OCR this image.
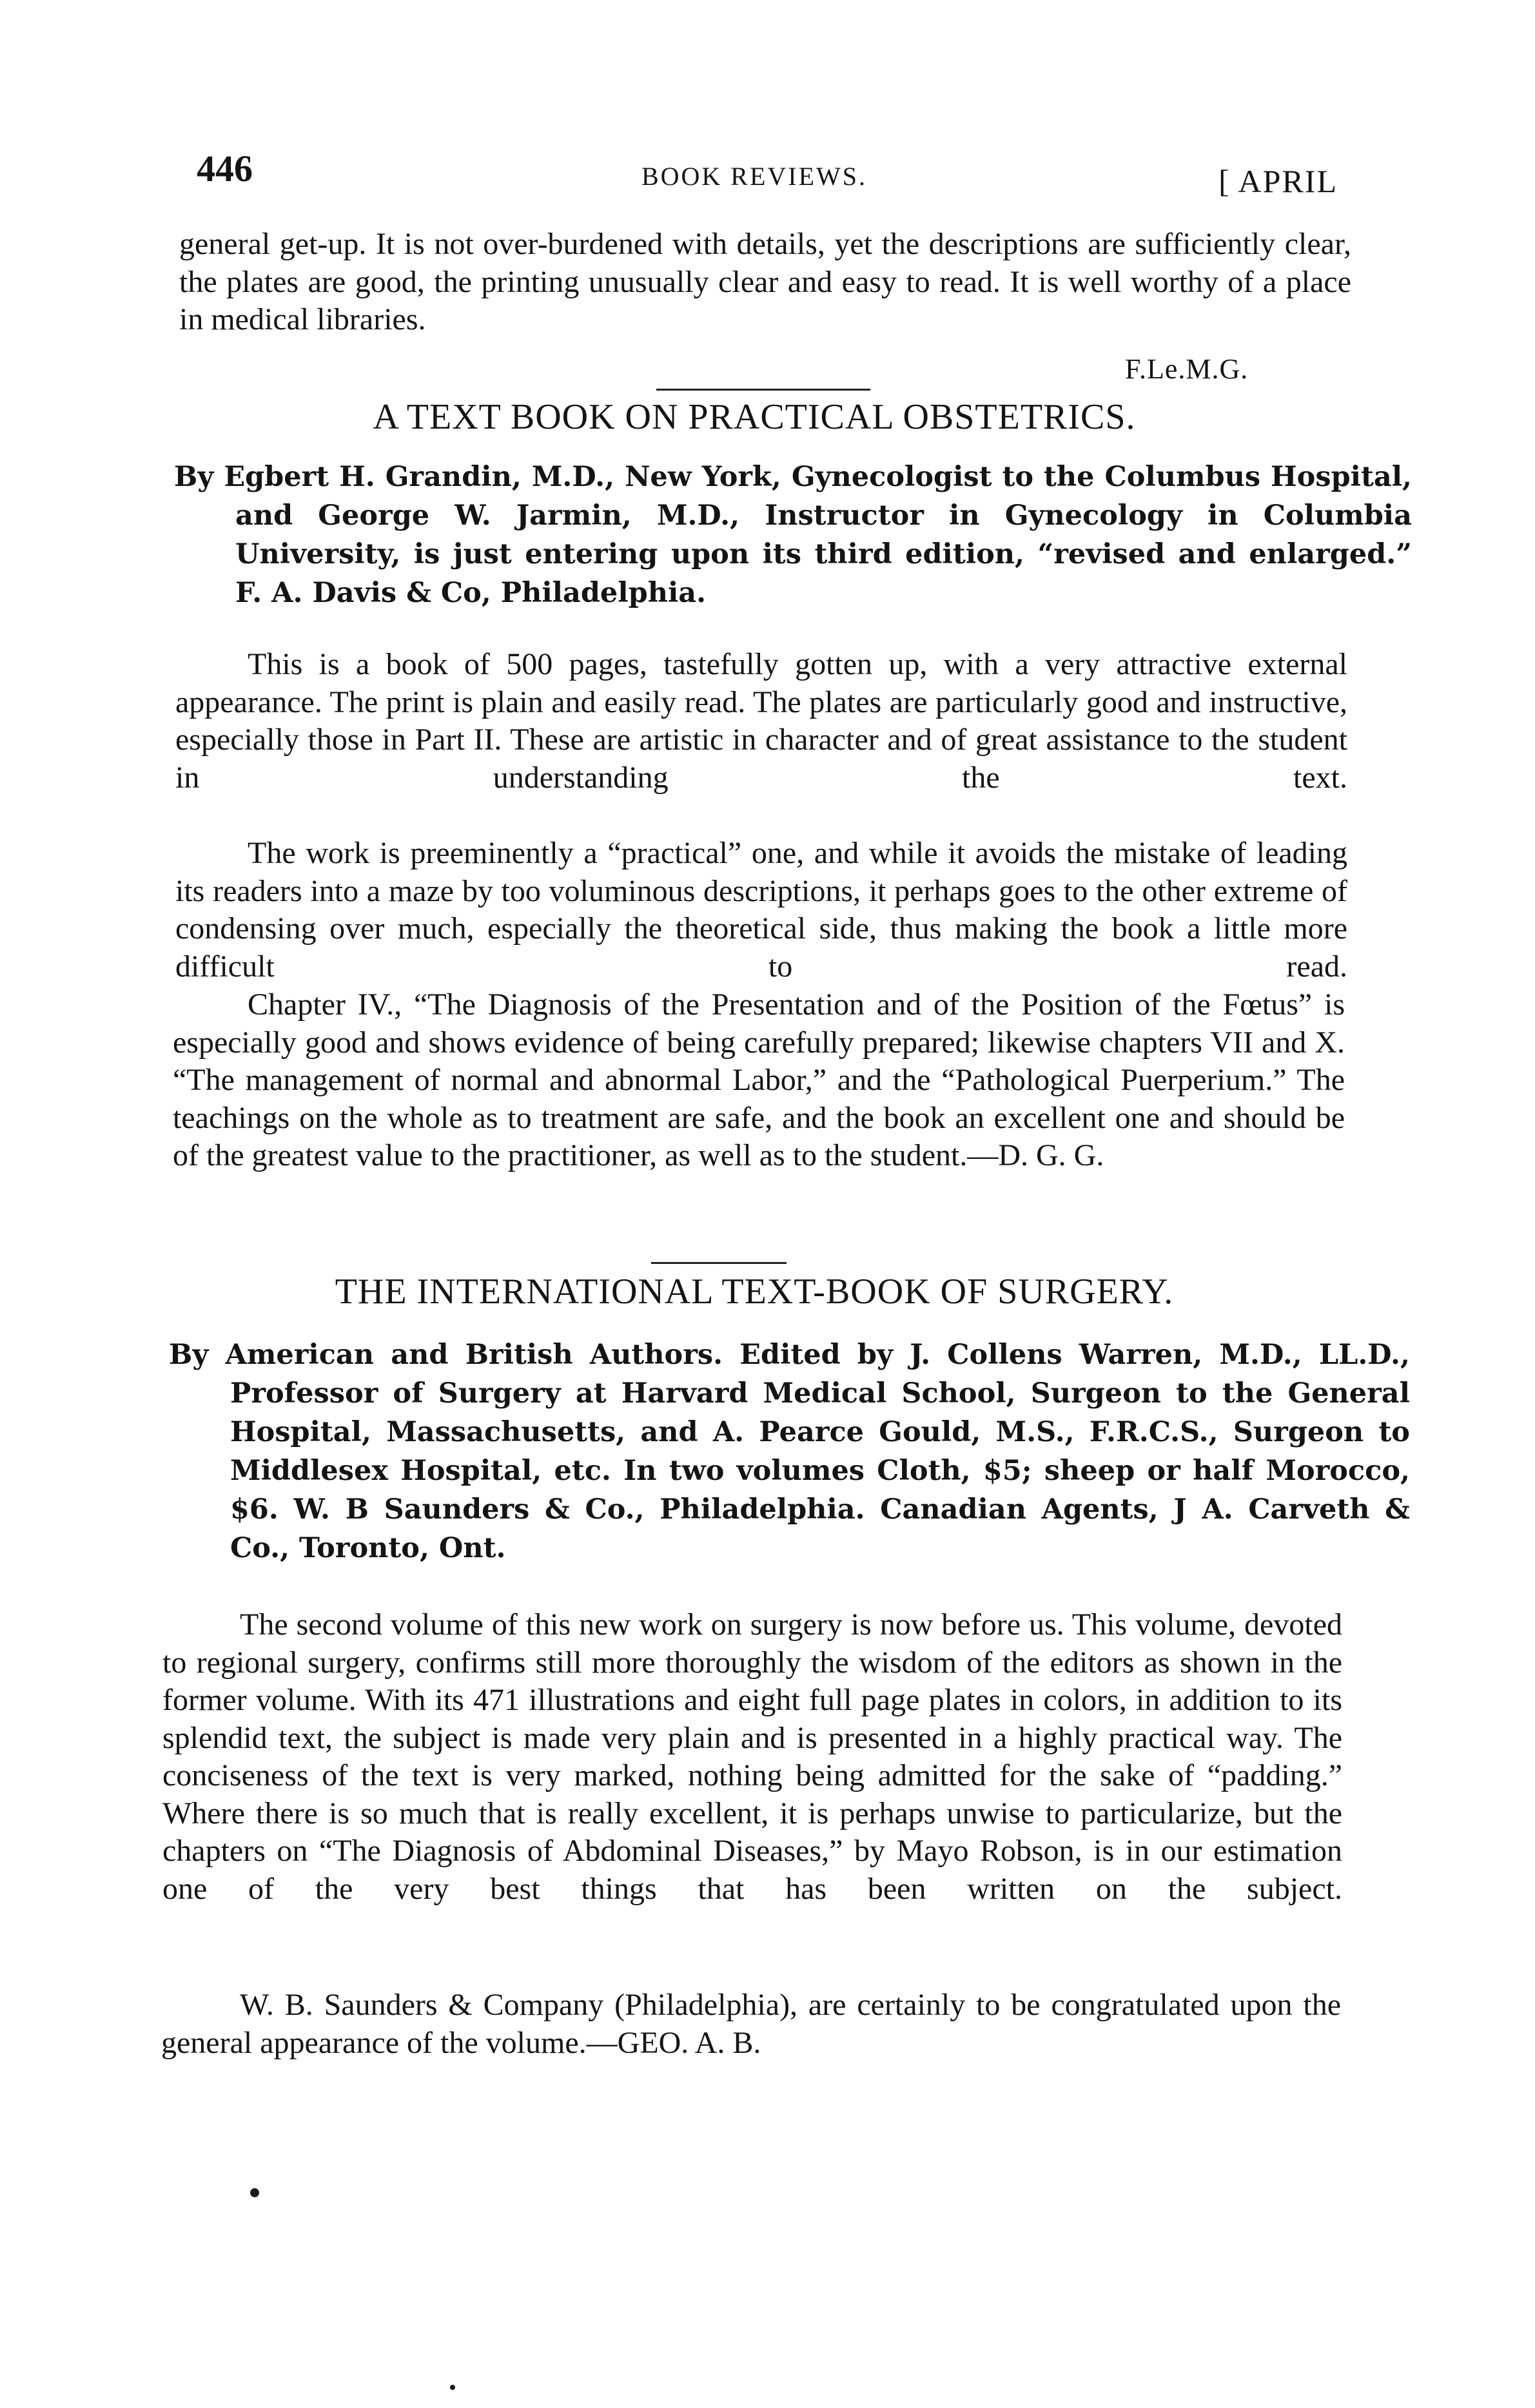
446	BOOK REVIEWS.	[ APRIL

general get-up. It is not over-burdened with details, yet the descriptions are sufficiently clear, the plates are good, the printing unusually clear and easy to read. It is well worthy of a place in medical libraries.

F.Le.M.G.
A TEXT BOOK ON PRACTICAL OBSTETRICS.

By Egbert H. Grandin, M.D., New York, Gynecologist to the Columbus Hospital, and George W. Jarmin, M.D., Instructor in Gynecology in Columbia University, is just entering upon its third edition, “revised and enlarged.” F. A. Davis & Co, Philadelphia.

This is a book of 500 pages, tastefully gotten up, with a very attractive external appearance. The print is plain and easily read. The plates are particularly good and instructive, especially those in Part II. These are artistic in character and of great assistance to the student in understanding the text.

The work is preeminently a “practical” one, and while it avoids the mistake of leading its readers into a maze by too voluminous descriptions, it perhaps goes to the other extreme of condensing over much, especially the theoretical side, thus making the book a little more difficult to read.

Chapter IV., “The Diagnosis of the Presentation and of the Position of the Fœtus” is especially good and shows evidence of being carefully prepared; likewise chapters VII and X. “The management of normal and abnormal Labor,” and the “Pathological Puerperium.” The teachings on the whole as to treatment are safe, and the book an excellent one and should be of the greatest value to the practitioner, as well as to the student.—D. G. G.

THE INTERNATIONAL TEXT-BOOK OF SURGERY.

By American and British Authors. Edited by J. Collens Warren, M.D., LL.D., Professor of Surgery at Harvard Medical School, Surgeon to the General Hospital, Massachusetts, and A. Pearce Gould, M.S., F.R.C.S., Surgeon to Middlesex Hospital, etc. In two volumes Cloth, $5; sheep or half Morocco, $6. W. B Saunders & Co., Philadelphia. Canadian Agents, J A. Carveth & Co., Toronto, Ont.

The second volume of this new work on surgery is now before us. This volume, devoted to regional surgery, confirms still more thoroughly the wisdom of the editors as shown in the former volume. With its 471 illustrations and eight full page plates in colors, in addition to its splendid text, the subject is made very plain and is presented in a highly practical way. The conciseness of the text is very marked, nothing being admitted for the sake of “padding.” Where there is so much that is really excellent, it is perhaps unwise to particularize, but the chapters on “The Diagnosis of Abdominal Diseases,” by Mayo Robson, is in our estimation one of the very best things that has been written on the subject.

W. B. Saunders & Company (Philadelphia), are certainly to be congratulated upon the general appearance of the volume.—GEO. A. B.
